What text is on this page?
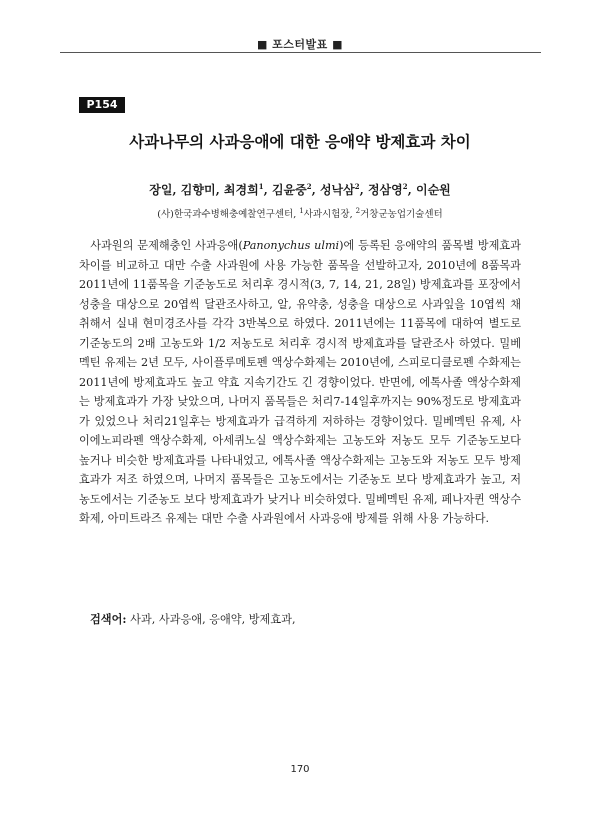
■ 포스터발표 ■
P154
사과나무의 사과응애에 대한 응애약 방제효과 차이
장일, 김향미, 최경희$^1$, 김윤중$^2$, 성낙삼$^2$, 정삼영$^2$, 이순원
(사)한국과수병해충예찰연구센터, $^1$사과시험장, $^2$거창군농업기술센터

사과원의 문제해충인 사과응애(Panonychus ulmi)에 등록된 응애약의 품목별 방제효과 차이를 비교하고 대만 수출 사과원에 사용 가능한 품목을 선발하고자, 2010년에 8품목과 2011년에 11품목을 기준농도로 처리후 경시적(3, 7, 14, 21, 28일) 방제효과를 포장에서 성충을 대상으로 20엽씩 달관조사하고, 알, 유약충, 성충을 대상으로 사과잎을 10엽씩 채취해서 실내 현미경조사를 각각 3반복으로 하였다. 2011년에는 11품목에 대하여 별도로 기준농도의 2배 고농도와 1/2 저농도로 처리후 경시적 방제효과를 달관조사 하였다. 밀베멕틴 유제는 2년 모두, 사이플루메토펜 액상수화제는 2010년에, 스피로디클로펜 수화제는 2011년에 방제효과도 높고 약효 지속기간도 긴 경향이었다. 반면에, 에톡사졸 액상수화제는 방제효과가 가장 낮았으며, 나머지 품목들은 처리7-14일후까지는 90%정도로 방제효과가 있었으나 처리21일후는 방제효과가 급격하게 저하하는 경향이었다. 밀베멕틴 유제, 사이에노피라펜 액상수화제, 아세퀴노실 액상수화제는 고농도와 저농도 모두 기준농도보다 높거나 비슷한 방제효과를 나타내었고, 에톡사졸 액상수화제는 고농도와 저농도 모두 방제효과가 저조 하였으며, 나머지 품목들은 고농도에서는 기준농도 보다 방제효과가 높고, 저농도에서는 기준농도 보다 방제효과가 낮거나 비슷하였다. 밀베멕틴 유제, 페나자퀸 액상수화제, 아미트라즈 유제는 대만 수출 사과원에서 사과응애 방제를 위해 사용 가능하다.

검색어: 사과, 사과응애, 응애약, 방제효과,
170
